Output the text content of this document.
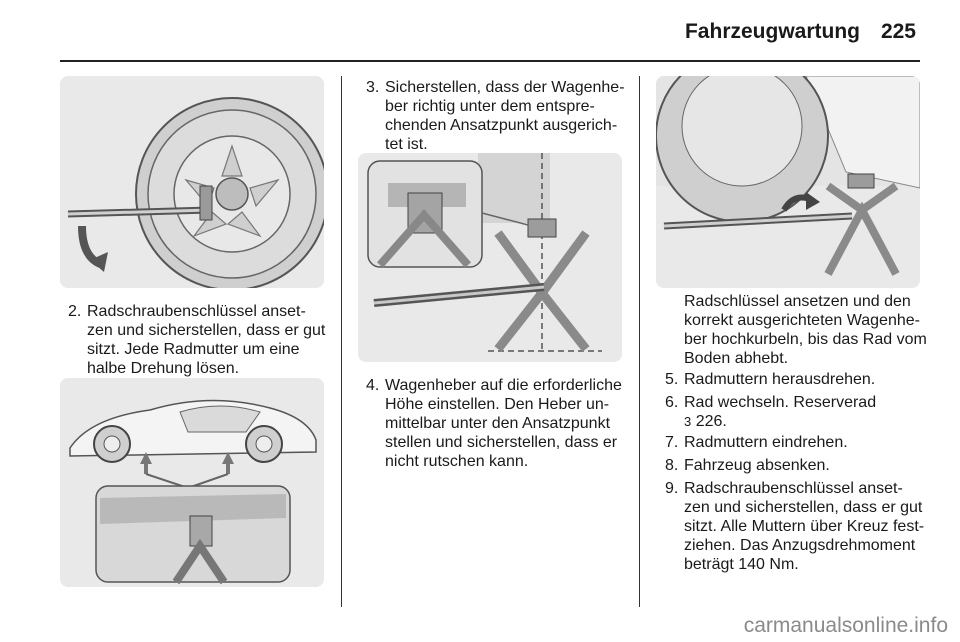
Fahrzeugwartung 225
2. Radschraubenschlüssel anset-
zen und sicherstellen, dass er gut
sitzt. Jede Radmutter um eine
halbe Drehung lösen.
3. Sicherstellen, dass der Wagenhe-
ber richtig unter dem entspre-
chenden Ansatzpunkt ausgerich-
tet ist.
4. Wagenheber auf die erforderliche
Höhe einstellen. Den Heber un-
mittelbar unter den Ansatzpunkt
stellen und sicherstellen, dass er
nicht rutschen kann.
Radschlüssel ansetzen und den
korrekt ausgerichteten Wagenhe-
ber hochkurbeln, bis das Rad vom
Boden abhebt.
5. Radmuttern herausdrehen.
6. Rad wechseln. Reserverad
3 226.
7. Radmuttern eindrehen.
8. Fahrzeug absenken.
9. Radschraubenschlüssel anset-
zen und sicherstellen, dass er gut
sitzt. Alle Muttern über Kreuz fest-
ziehen. Das Anzugsdrehmoment
beträgt 140 Nm.
carmanualsonline.info
